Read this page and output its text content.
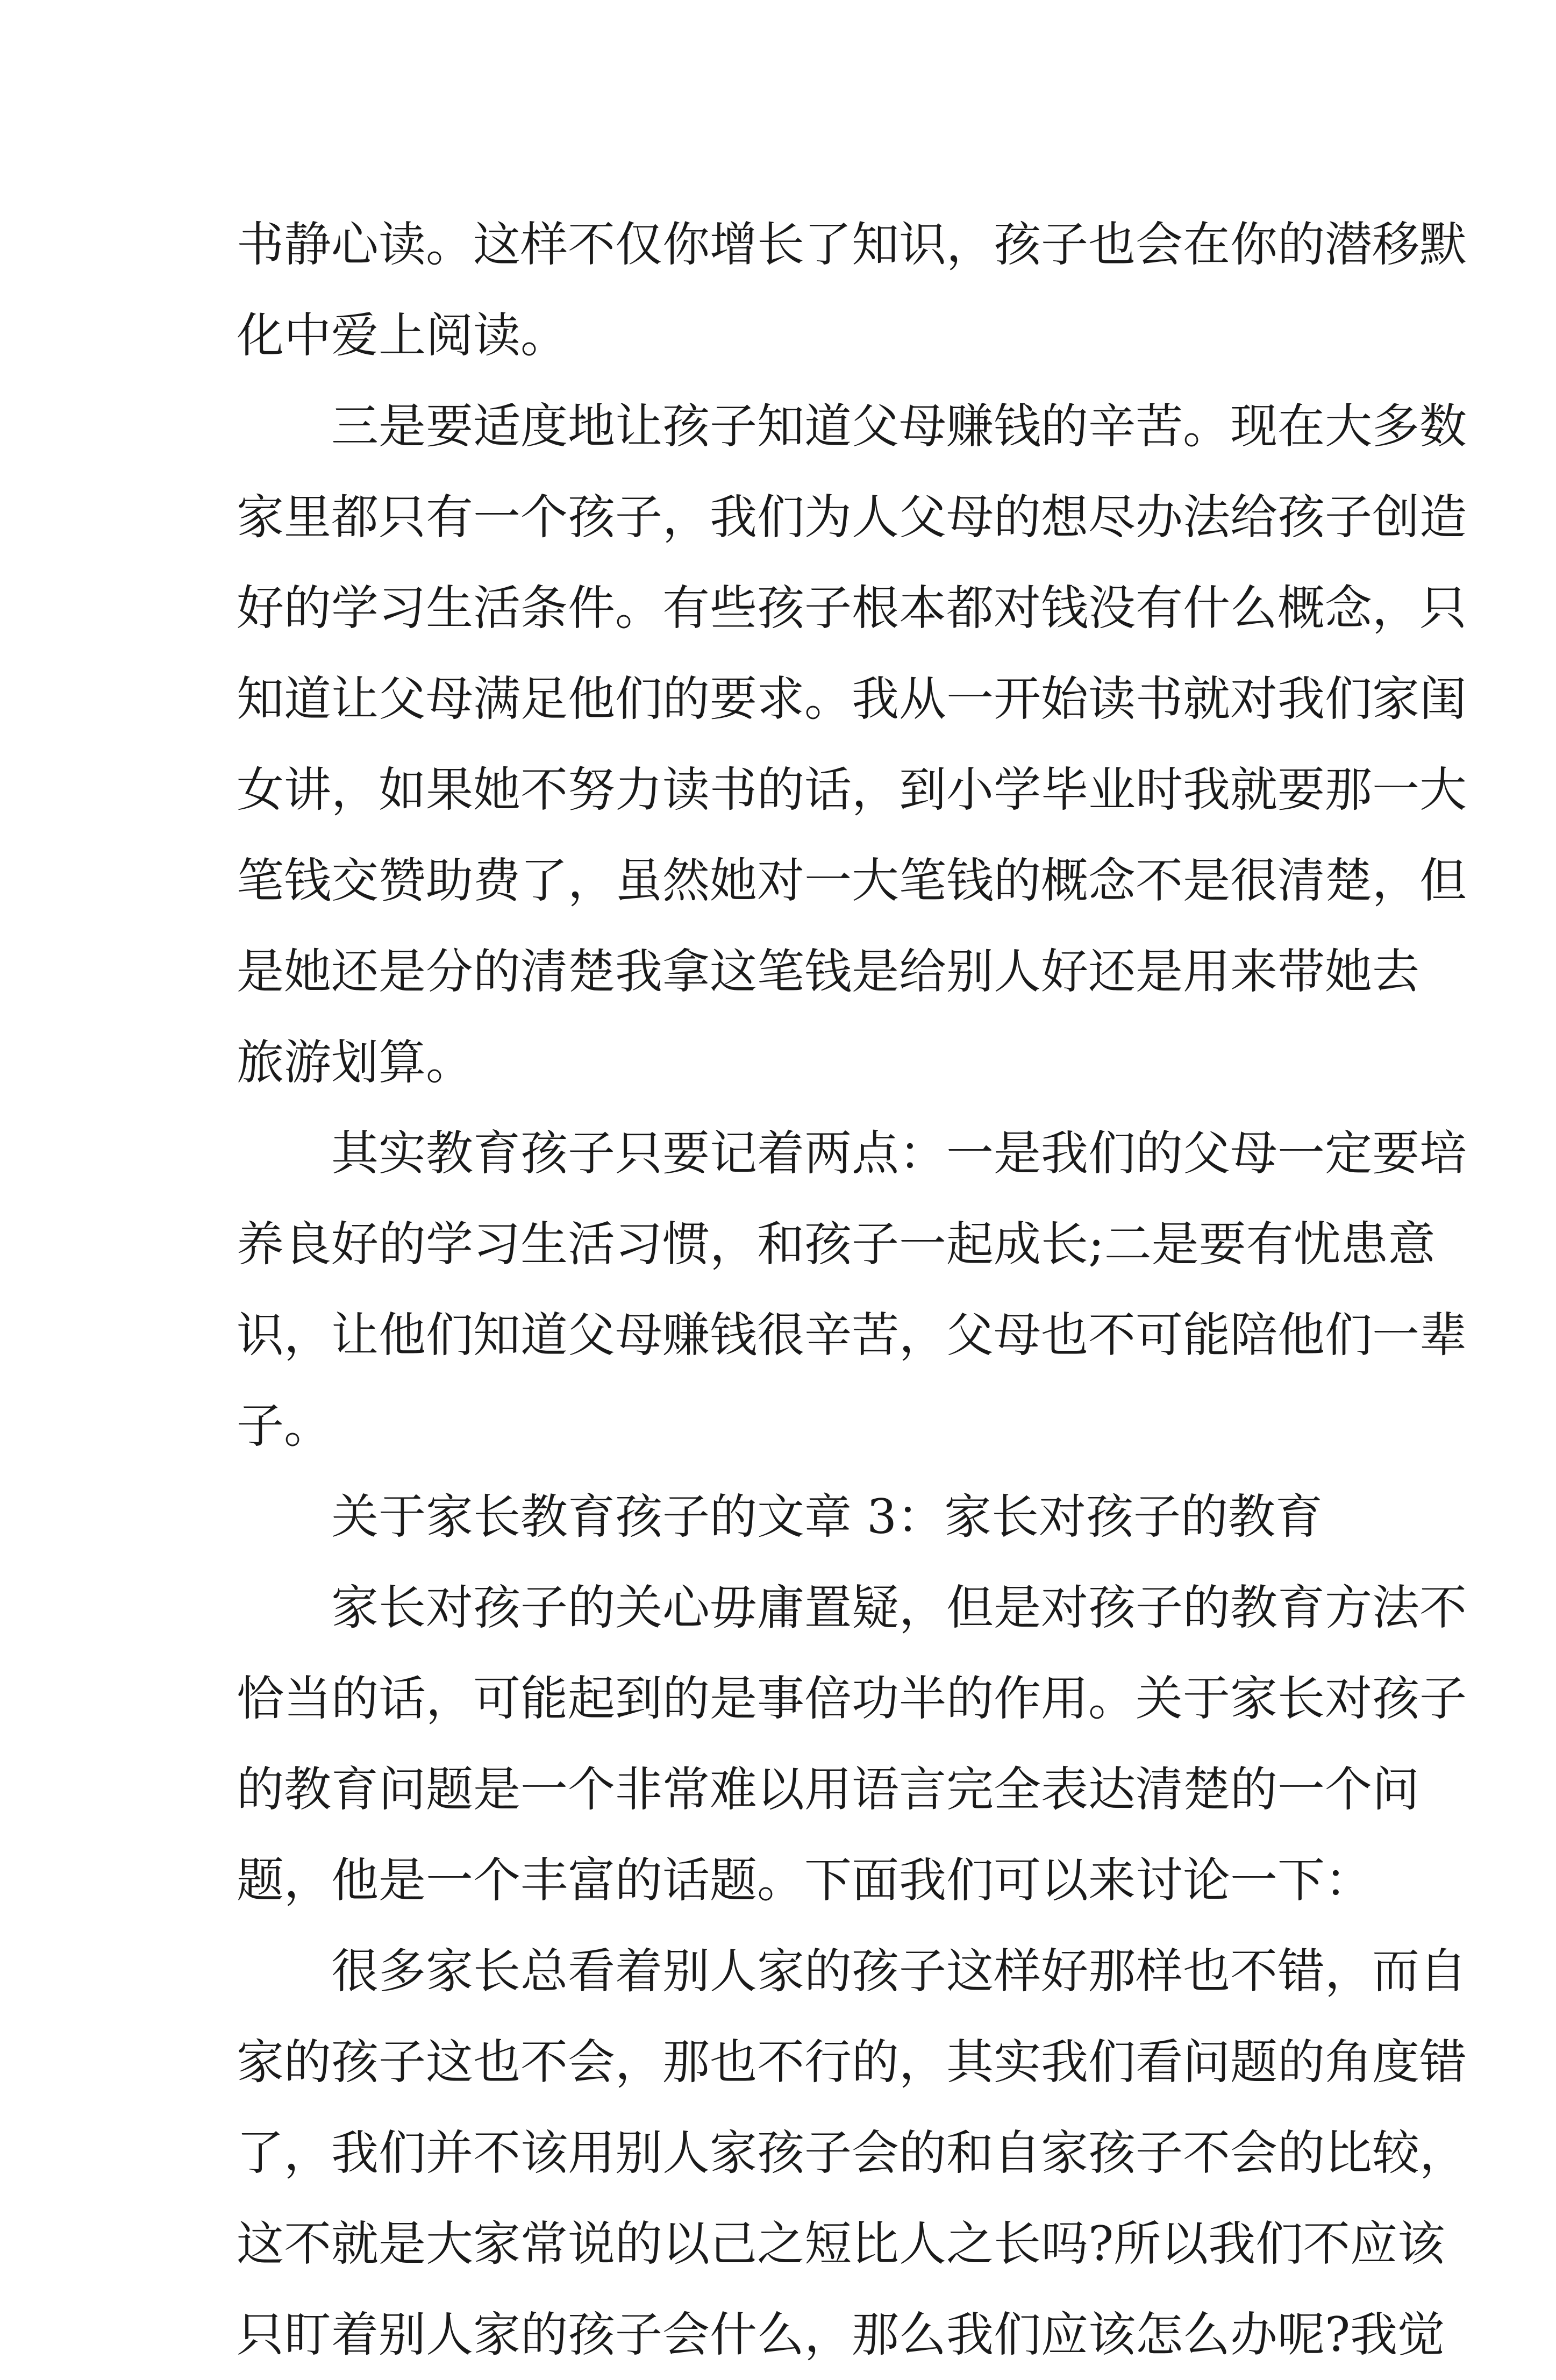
书静心读。这样不仅你增长了知识，孩子也会在你的潜移默
化中爱上阅读。
三是要适度地让孩子知道父母赚钱的辛苦。现在大多数
家里都只有一个孩子，我们为人父母的想尽办法给孩子创造
好的学习生活条件。有些孩子根本都对钱没有什么概念，只
知道让父母满足他们的要求。我从一开始读书就对我们家闺
女讲，如果她不努力读书的话，到小学毕业时我就要那一大
笔钱交赞助费了，虽然她对一大笔钱的概念不是很清楚，但
是她还是分的清楚我拿这笔钱是给别人好还是用来带她去
旅游划算。
其实教育孩子只要记着两点：一是我们的父母一定要培
养良好的学习生活习惯，和孩子一起成长;二是要有忧患意
识，让他们知道父母赚钱很辛苦，父母也不可能陪他们一辈
子。
关于家长教育孩子的文章 3：家长对孩子的教育
家长对孩子的关心毋庸置疑，但是对孩子的教育方法不
恰当的话，可能起到的是事倍功半的作用。关于家长对孩子
的教育问题是一个非常难以用语言完全表达清楚的一个问
题，他是一个丰富的话题。下面我们可以来讨论一下：
很多家长总看着别人家的孩子这样好那样也不错，而自
家的孩子这也不会，那也不行的，其实我们看问题的角度错
了，我们并不该用别人家孩子会的和自家孩子不会的比较，
这不就是大家常说的以己之短比人之长吗?所以我们不应该
只盯着别人家的孩子会什么，那么我们应该怎么办呢?我觉
